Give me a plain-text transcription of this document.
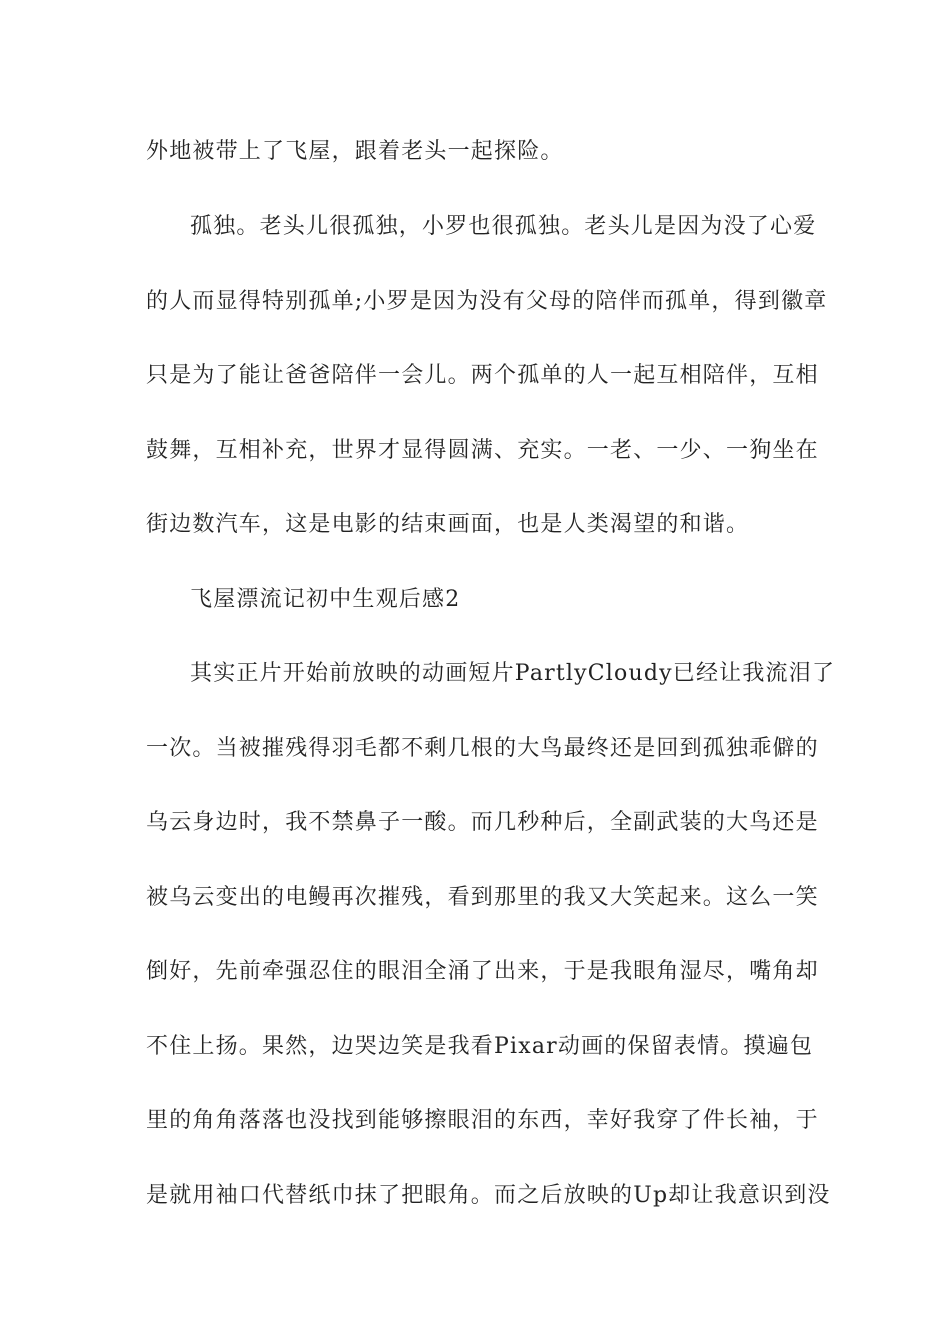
外地被带上了飞屋，跟着老头一起探险。
孤独。老头儿很孤独，小罗也很孤独。老头儿是因为没了心爱
的人而显得特别孤单;小罗是因为没有父母的陪伴而孤单，得到徽章
只是为了能让爸爸陪伴一会儿。两个孤单的人一起互相陪伴，互相
鼓舞，互相补充，世界才显得圆满、充实。一老、一少、一狗坐在
街边数汽车，这是电影的结束画面，也是人类渴望的和谐。
飞屋漂流记初中生观后感2
其实正片开始前放映的动画短片PartlyCloudy已经让我流泪了
一次。当被摧残得羽毛都不剩几根的大鸟最终还是回到孤独乖僻的
乌云身边时，我不禁鼻子一酸。而几秒种后，全副武装的大鸟还是
被乌云变出的电鳗再次摧残，看到那里的我又大笑起来。这么一笑
倒好，先前牵强忍住的眼泪全涌了出来，于是我眼角湿尽，嘴角却
不住上扬。果然，边哭边笑是我看Pixar动画的保留表情。摸遍包
里的角角落落也没找到能够擦眼泪的东西，幸好我穿了件长袖，于
是就用袖口代替纸巾抹了把眼角。而之后放映的Up却让我意识到没
